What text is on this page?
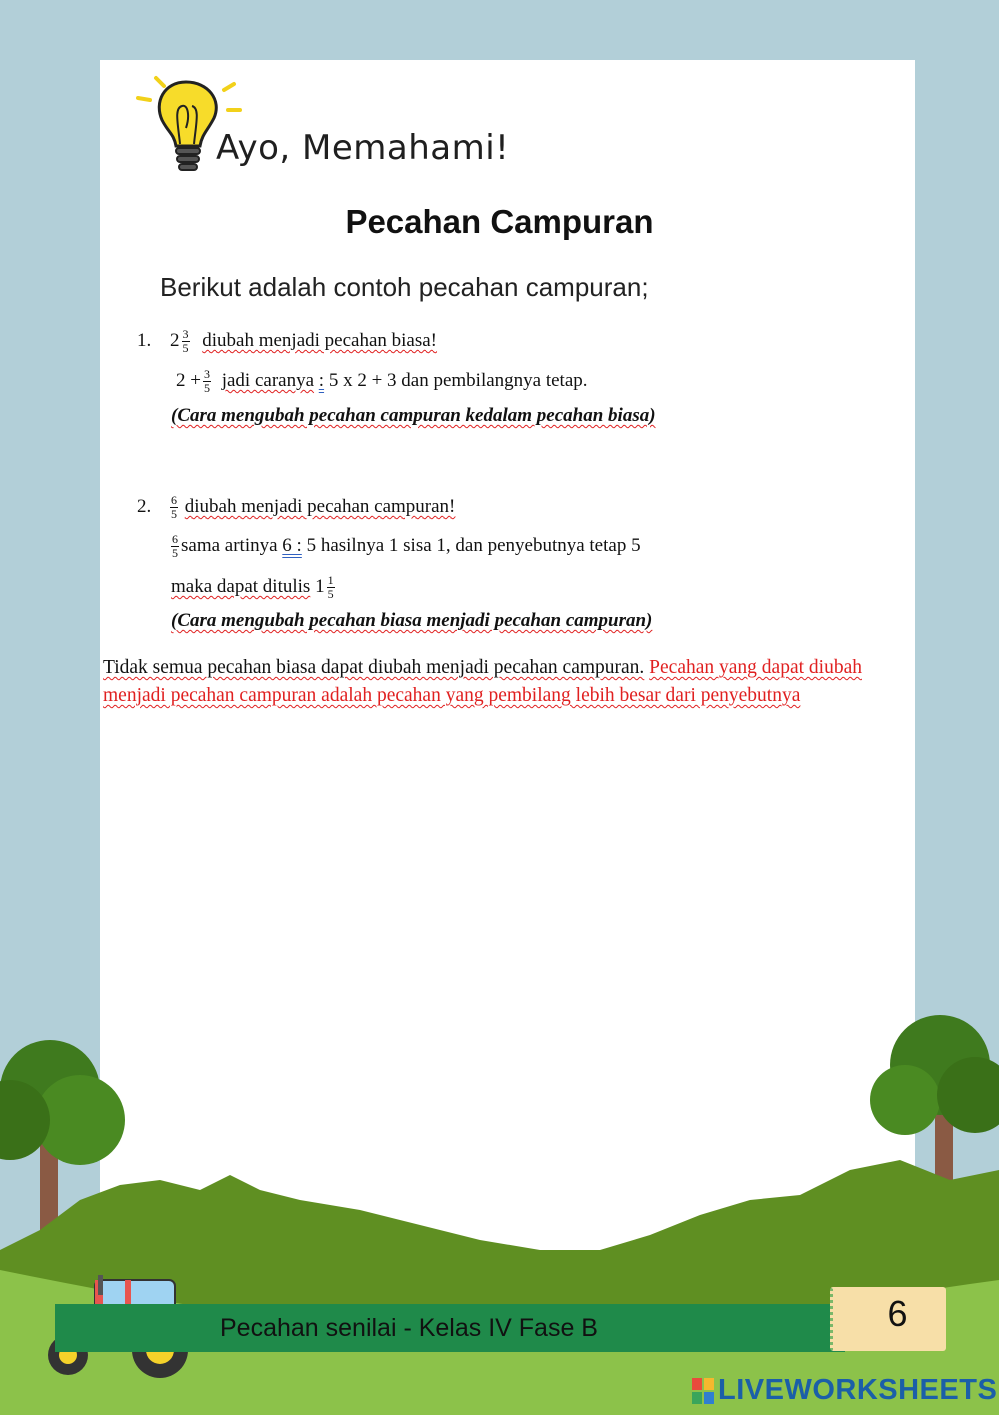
Ayo, Memahami!
Pecahan Campuran
Berikut adalah contoh pecahan campuran;
1. $2 \frac{3}{5}$ diubah menjadi pecahan biasa!
$2 + \frac{3}{5}$ jadi caranya : 5 x 2 + 3 dan pembilangnya tetap.
(Cara mengubah pecahan campuran kedalam pecahan biasa)
2. $\frac{6}{5}$ diubah menjadi pecahan campuran!
$\frac{6}{5}$ sama artinya 6 : 5 hasilnya 1 sisa 1, dan penyebutnya tetap 5
maka dapat ditulis $1 \frac{1}{5}$
(Cara mengubah pecahan biasa menjadi pecahan campuran)
Tidak semua pecahan biasa dapat diubah menjadi pecahan campuran. Pecahan yang dapat diubah menjadi pecahan campuran adalah pecahan yang pembilang lebih besar dari penyebutnya
Pecahan senilai - Kelas IV Fase B	6
LIVEWORKSHEETS
